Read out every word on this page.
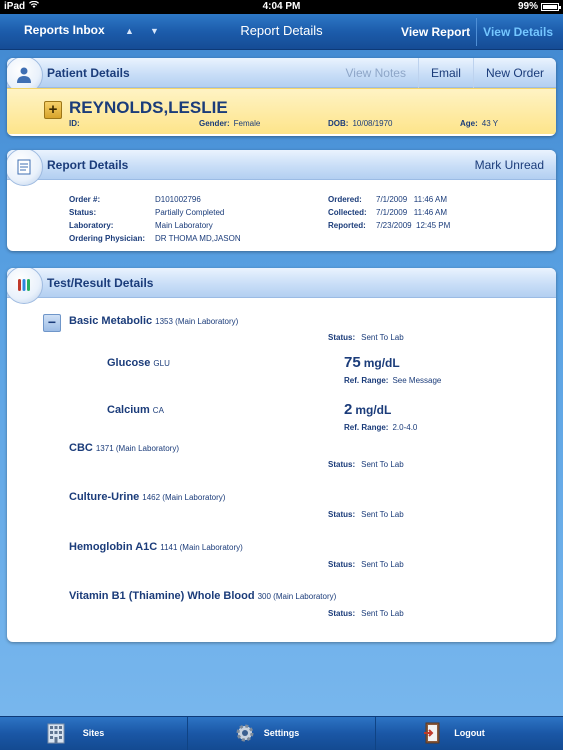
iPad	4:04 PM	99%
Reports Inbox ▲ ▼	Report Details	View Report	View Details
Patient Details	View Notes	Email	New Order
+ REYNOLDS,LESLIE
ID:	Gender: Female	DOB: 10/08/1970	Age: 43 Y
Report Details	Mark Unread
Order #:	D101002796
Status:	Partially Completed
Laboratory:	Main Laboratory
Ordering Physician: DR THOMA MD,JASON
Ordered: 7/1/2009   11:46 AM
Collected: 7/1/2009   11:46 AM
Reported: 7/23/2009  12:45 PM
Test/Result Details
−	Basic Metabolic 1353 (Main Laboratory)
Status: Sent To Lab
Glucose GLU	75 mg/dL
Ref. Range: See Message
Calcium CA	2 mg/dL
Ref. Range: 2.0-4.0
CBC 1371 (Main Laboratory)
Status: Sent To Lab
Culture-Urine 1462 (Main Laboratory)
Status: Sent To Lab
Hemoglobin A1C 1141 (Main Laboratory)
Status: Sent To Lab
Vitamin B1 (Thiamine) Whole Blood 300 (Main Laboratory)
Status: Sent To Lab
Sites	Settings	Logout
